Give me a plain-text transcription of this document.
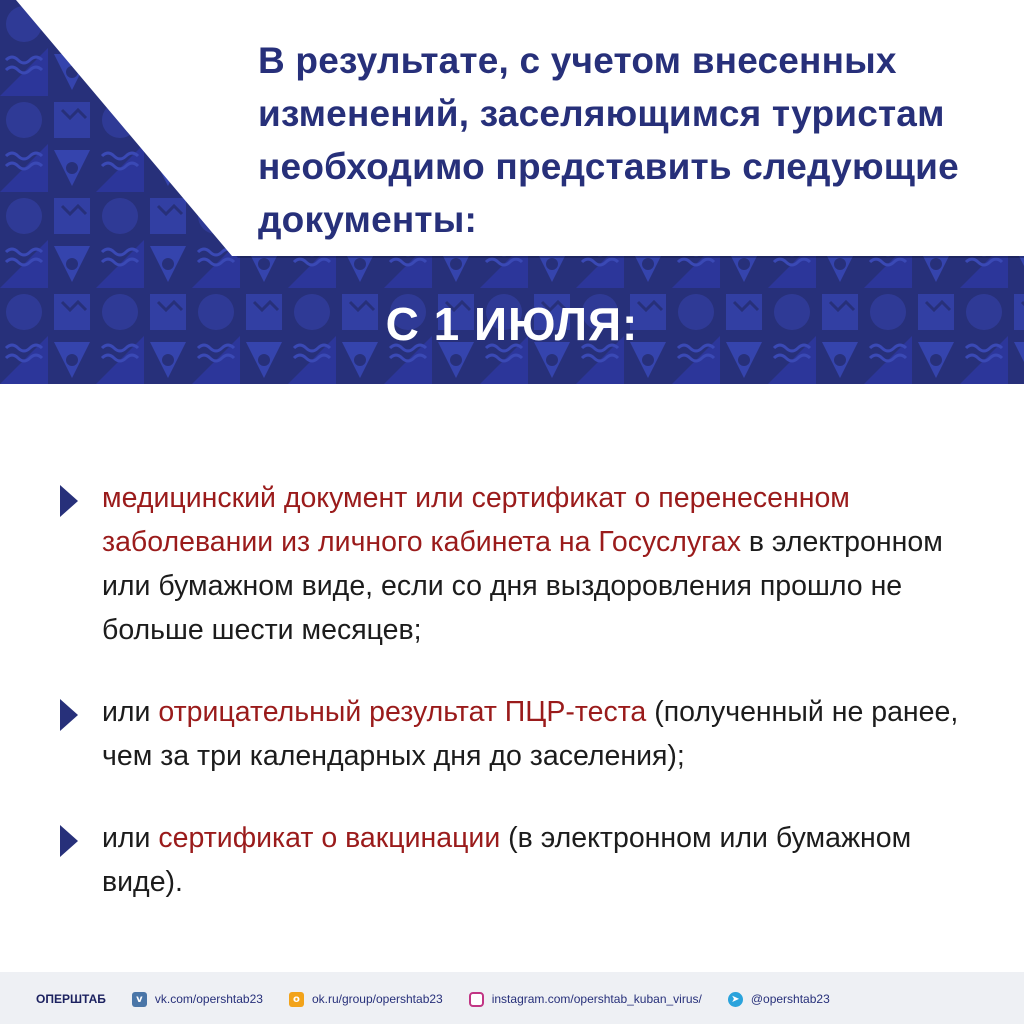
В результате, с учетом внесенных изменений, заселяющимся туристам необходимо представить следующие документы:
С 1 ИЮЛЯ:
медицинский документ или сертификат о перенесенном заболевании из личного кабинета на Госуслугах в электронном или бумажном виде, если со дня выздоровления прошло не больше шести месяцев;
или отрицательный результат ПЦР-теста (полученный не ранее, чем за три календарных дня до заселения);
или сертификат о вакцинации (в электронном или бумажном виде).
ОПЕРШТАБ	v	vk.com/opershtab23	o	ok.ru/group/opershtab23	instagram.com/opershtab_kuban_virus/	➤ @opershtab23
